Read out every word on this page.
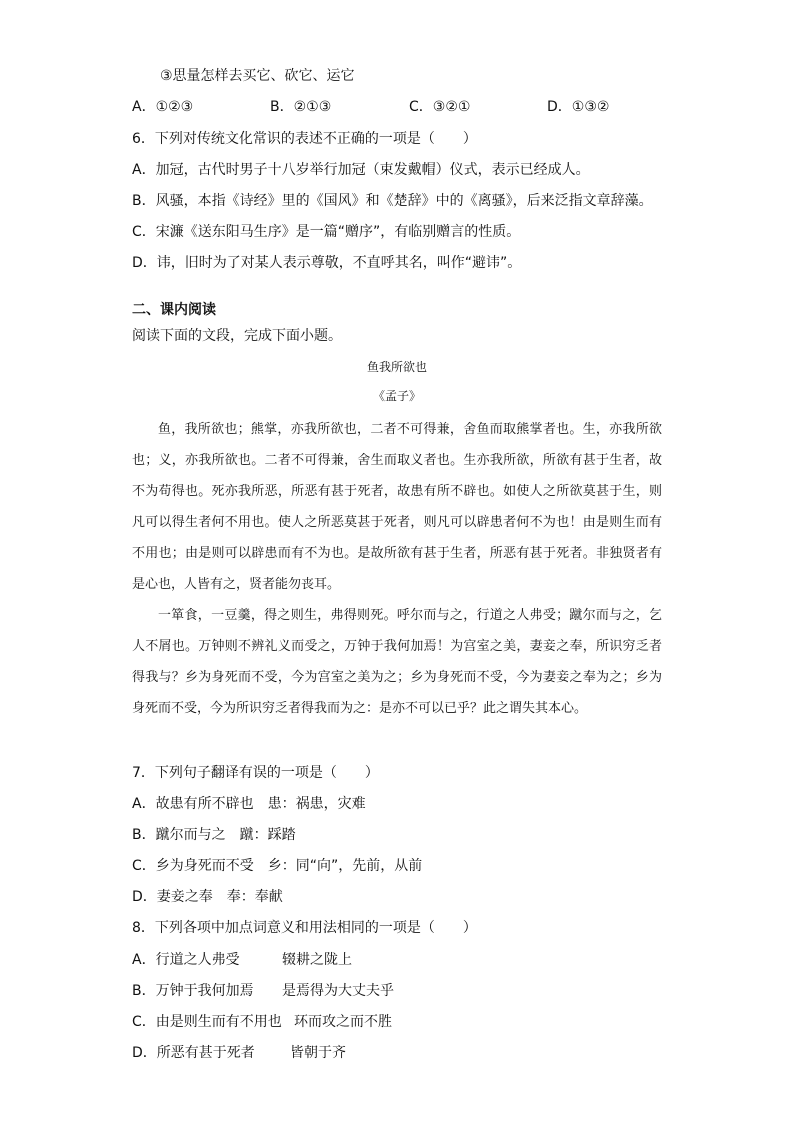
③思量怎样去买它、砍它、运它
A．①②③	B．②①③	C．③②①	D．①③②
6．下列对传统文化常识的表述不正确的一项是（　　）
A．加冠，古代时男子十八岁举行加冠（束发戴帽）仪式，表示已经成人。
B．风骚，本指《诗经》里的《国风》和《楚辞》中的《离骚》，后来泛指文章辞藻。
C．宋濂《送东阳马生序》是一篇“赠序”，有临别赠言的性质。
D．讳，旧时为了对某人表示尊敬，不直呼其名，叫作“避讳”。
二、课内阅读
阅读下面的文段，完成下面小题。
鱼我所欲也
《孟子》

鱼，我所欲也；熊掌，亦我所欲也，二者不可得兼，舍鱼而取熊掌者也。生，亦我所欲也；义，亦我所欲也。二者不可得兼，舍生而取义者也。生亦我所欲，所欲有甚于生者，故不为苟得也。死亦我所恶，所恶有甚于死者，故患有所不辟也。如使人之所欲莫甚于生，则凡可以得生者何不用也。使人之所恶莫甚于死者，则凡可以辟患者何不为也！由是则生而有不用也；由是则可以辟患而有不为也。是故所欲有甚于生者，所恶有甚于死者。非独贤者有是心也，人皆有之，贤者能勿丧耳。

一箪食，一豆羹，得之则生，弗得则死。呼尔而与之，行道之人弗受；蹴尔而与之，乞人不屑也。万钟则不辨礼义而受之，万钟于我何加焉！为宫室之美，妻妾之奉，所识穷乏者得我与？乡为身死而不受，今为宫室之美为之；乡为身死而不受，今为妻妾之奉为之；乡为身死而不受，今为所识穷乏者得我而为之：是亦不可以已乎？此之谓失其本心。

7．下列句子翻译有误的一项是（　　）
A．故患有所不辟也　患：祸患，灾难
B．蹴尔而与之　蹴：踩踏
C．乡为身死而不受　乡：同“向”，先前，从前
D．妻妾之奉　奉：奉献
8．下列各项中加点词意义和用法相同的一项是（　　）
A．行道之人弗受	辍耕之陇上
B．万钟于我何加焉 是焉得为大丈夫乎
C．由是则生而有不用也 环而攻之而不胜
D．所恶有甚于死者	皆朝于齐
